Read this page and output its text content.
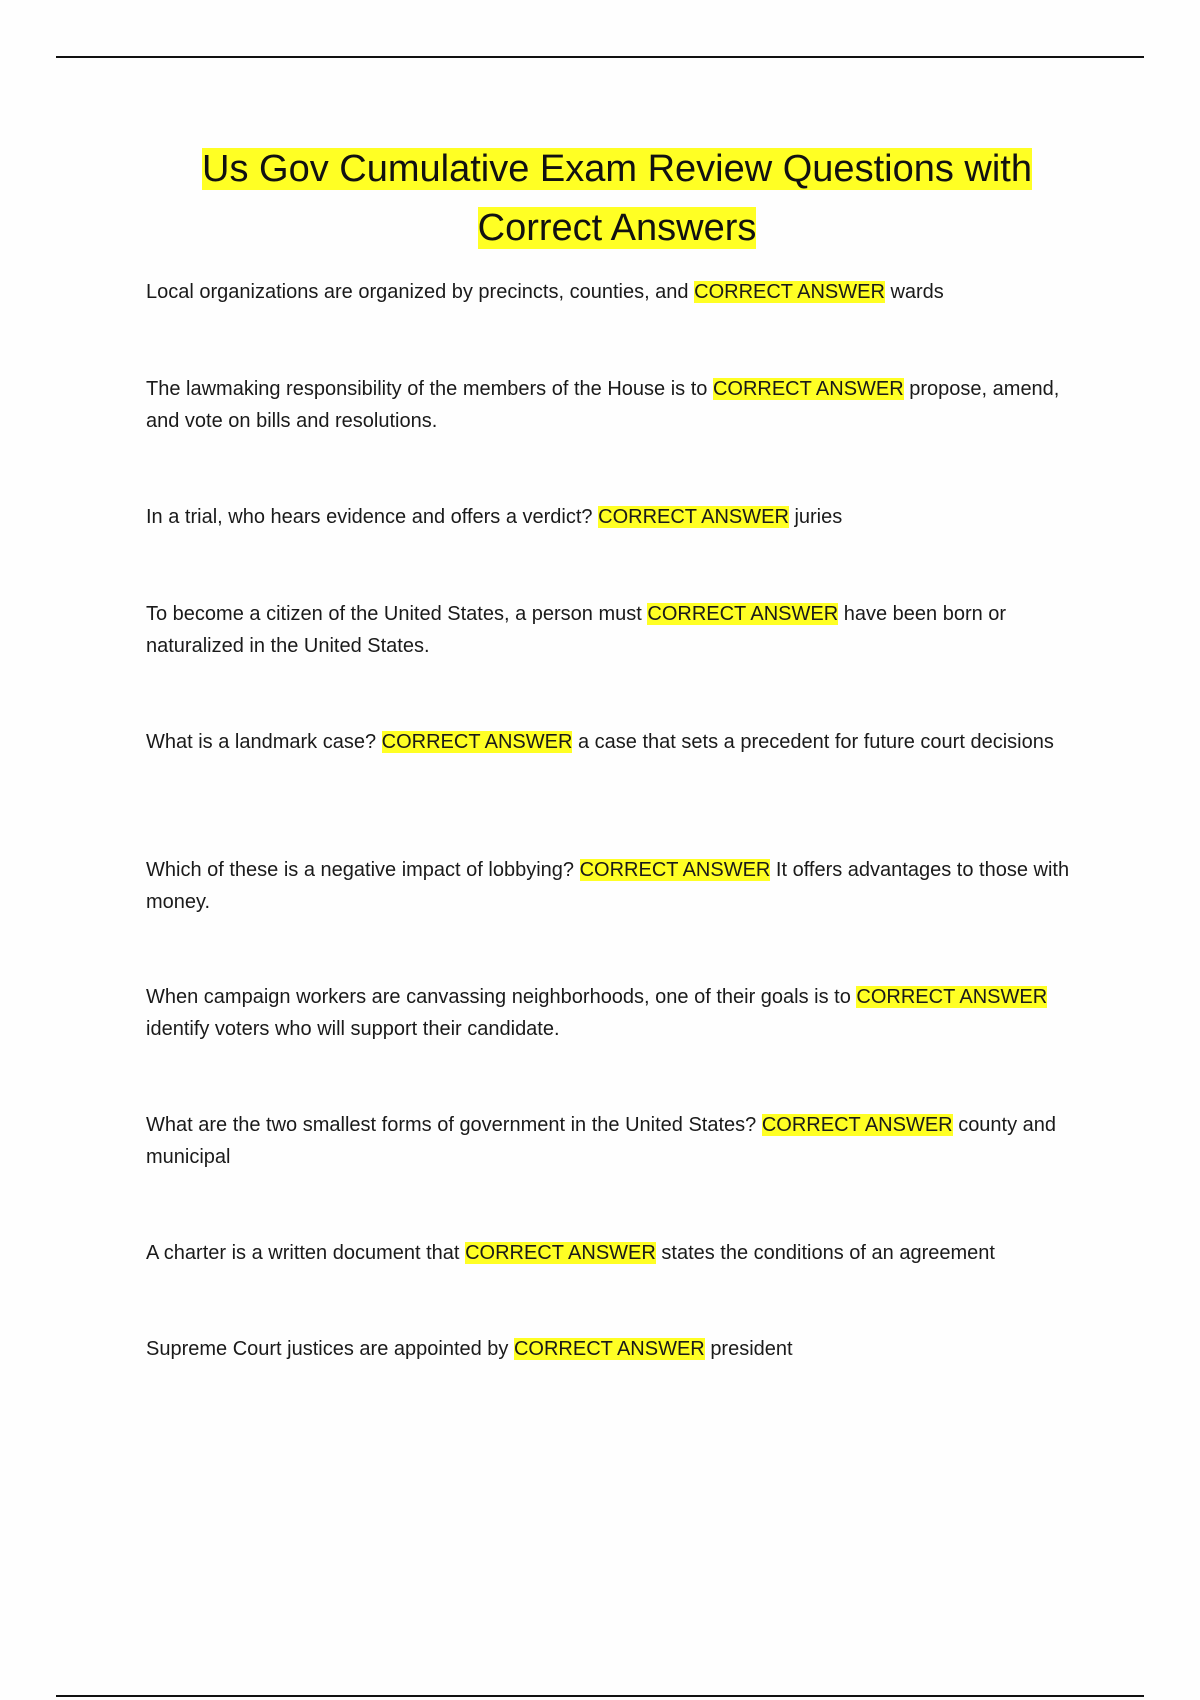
Us Gov Cumulative Exam Review Questions with Correct Answers

Local organizations are organized by precincts, counties, and CORRECT ANSWER wards

The lawmaking responsibility of the members of the House is to CORRECT ANSWER propose, amend, and vote on bills and resolutions.

In a trial, who hears evidence and offers a verdict? CORRECT ANSWER juries

To become a citizen of the United States, a person must CORRECT ANSWER have been born or naturalized in the United States.

What is a landmark case? CORRECT ANSWER a case that sets a precedent for future court decisions

Which of these is a negative impact of lobbying? CORRECT ANSWER It offers advantages to those with money.

When campaign workers are canvassing neighborhoods, one of their goals is to CORRECT ANSWER identify voters who will support their candidate.

What are the two smallest forms of government in the United States? CORRECT ANSWER county and municipal

A charter is a written document that CORRECT ANSWER states the conditions of an agreement

Supreme Court justices are appointed by CORRECT ANSWER president
